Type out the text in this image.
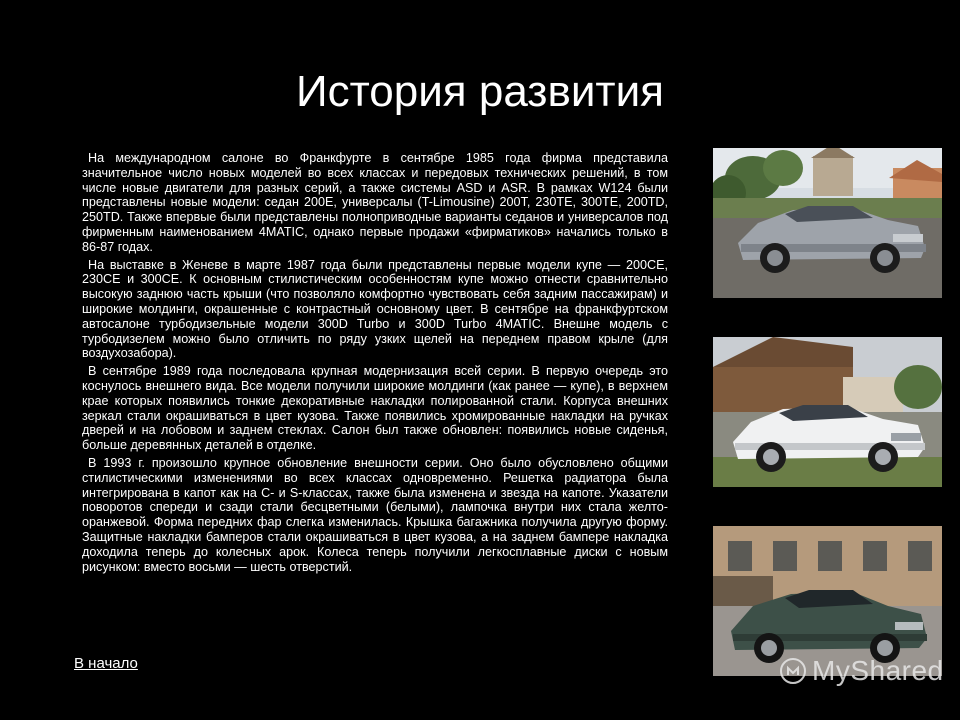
История развития

На международном салоне во Франкфурте в сентябре 1985 года фирма представила значительное число новых моделей во всех классах и передовых технических решений, в том числе новые двигатели для разных серий, а также системы ASD и ASR. В рамках W124 были представлены новые модели: седан 200E, универсалы (T-Limousine) 200T, 230TE, 300TE, 200TD, 250TD. Также впервые были представлены полноприводные варианты седанов и универсалов под фирменным наименованием 4MATIC, однако первые продажи «фирматиков» начались только в 86-87 годах.

На выставке в Женеве в марте 1987 года были представлены первые модели купе — 200CE, 230CE и 300CE. К основным стилистическим особенностям купе можно отнести сравнительно высокую заднюю часть крыши (что позволяло комфортно чувствовать себя задним пассажирам) и широкие молдинги, окрашенные с контрастный основному цвет. В сентябре на франкфуртском автосалоне турбодизельные модели 300D Turbo и 300D Turbo 4MATIC. Внешне модель с турбодизелем можно было отличить по ряду узких щелей на переднем правом крыле (для воздухозабора).

В сентябре 1989 года последовала крупная модернизация всей серии. В первую очередь это коснулось внешнего вида. Все модели получили широкие молдинги (как ранее — купе), в верхнем крае которых появились тонкие декоративные накладки полированной стали. Корпуса внешних зеркал стали окрашиваться в цвет кузова. Также появились хромированные накладки на ручках дверей и на лобовом и заднем стеклах. Салон был также обновлен: появились новые сиденья, больше деревянных деталей в отделке.

В 1993 г. произошло крупное обновление внешности серии. Оно было обусловлено общими стилистическими изменениями во всех классах одновременно. Решетка радиатора была интегрирована в капот как на C- и S-классах, также была изменена и звезда на капоте. Указатели поворотов спереди и сзади стали бесцветными (белыми), лампочка внутри них стала желто-оранжевой. Форма передних фар слегка изменилась. Крышка багажника получила другую форму. Защитные накладки бамперов стали окрашиваться в цвет кузова, а на заднем бампере накладка доходила теперь до колесных арок. Колеса теперь получили легкосплавные диски с новым рисунком: вместо восьми — шесть отверстий.

В начало	MyShared
